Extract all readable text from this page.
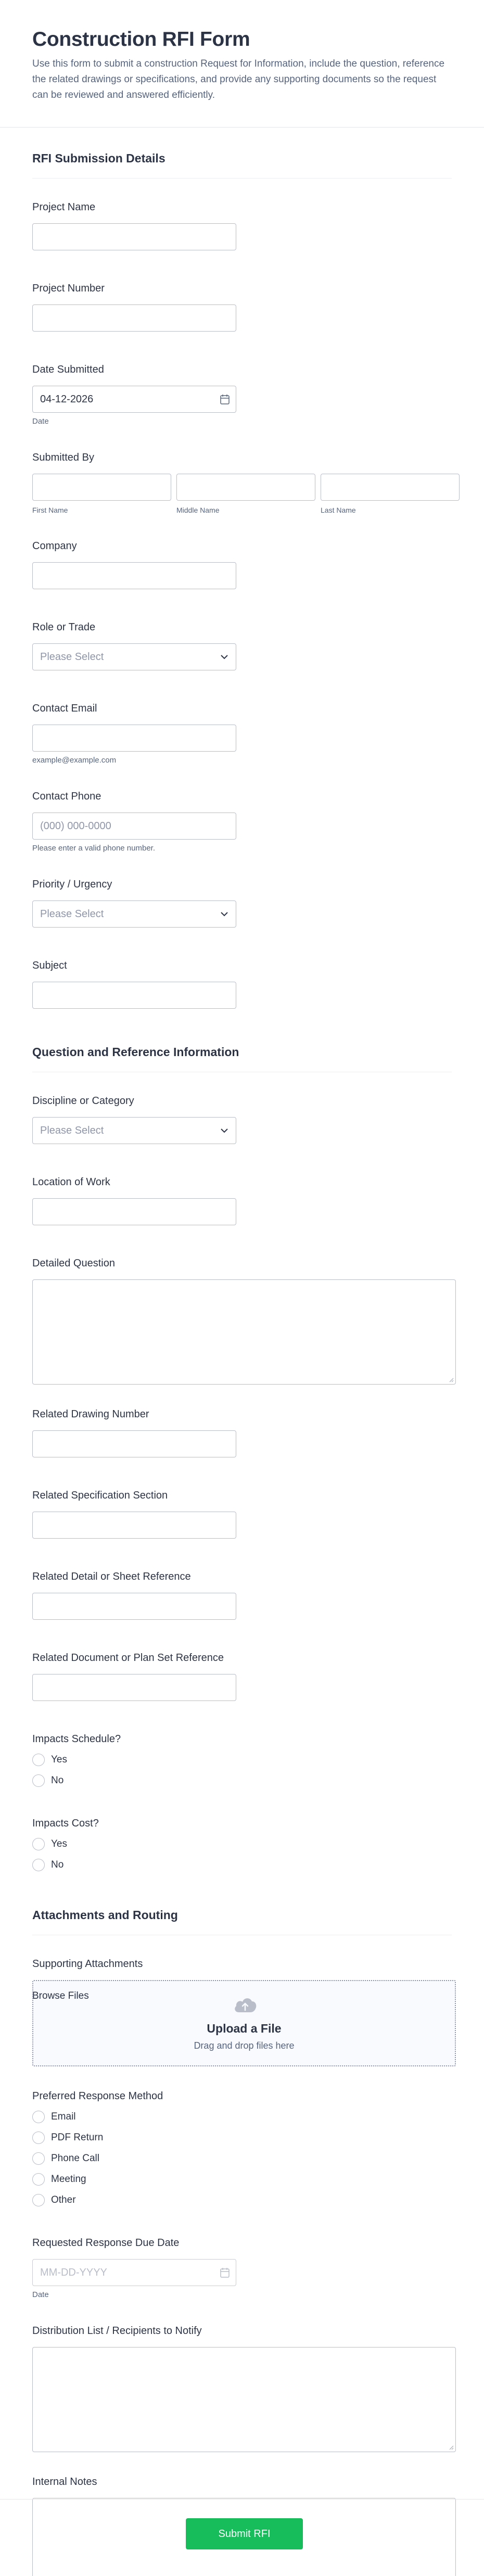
Construction RFI Form

Use this form to submit a construction Request for Information, include the question, reference the related drawings or specifications, and provide any supporting documents so the request can be reviewed and answered efficiently.

RFI Submission Details
Project Name
Project Number
Date Submitted
04-12-2026
Date
Submitted By
First Name	Middle Name	Last Name
Company
Role or Trade
Please Select
Contact Email
example@example.com
Contact Phone
(000) 000-0000
Please enter a valid phone number.
Priority / Urgency
Please Select
Subject
Question and Reference Information
Discipline or Category
Please Select
Location of Work
Detailed Question
Related Drawing Number
Related Specification Section
Related Detail or Sheet Reference
Related Document or Plan Set Reference
Impacts Schedule?
Yes
No
Impacts Cost?
Yes
No
Attachments and Routing
Supporting Attachments
Browse Files
Upload a File
Drag and drop files here
Preferred Response Method
Email
PDF Return
Phone Call
Meeting
Other
Requested Response Due Date
MM-DD-YYYY
Date
Distribution List / Recipients to Notify
Internal Notes
Submit RFI
